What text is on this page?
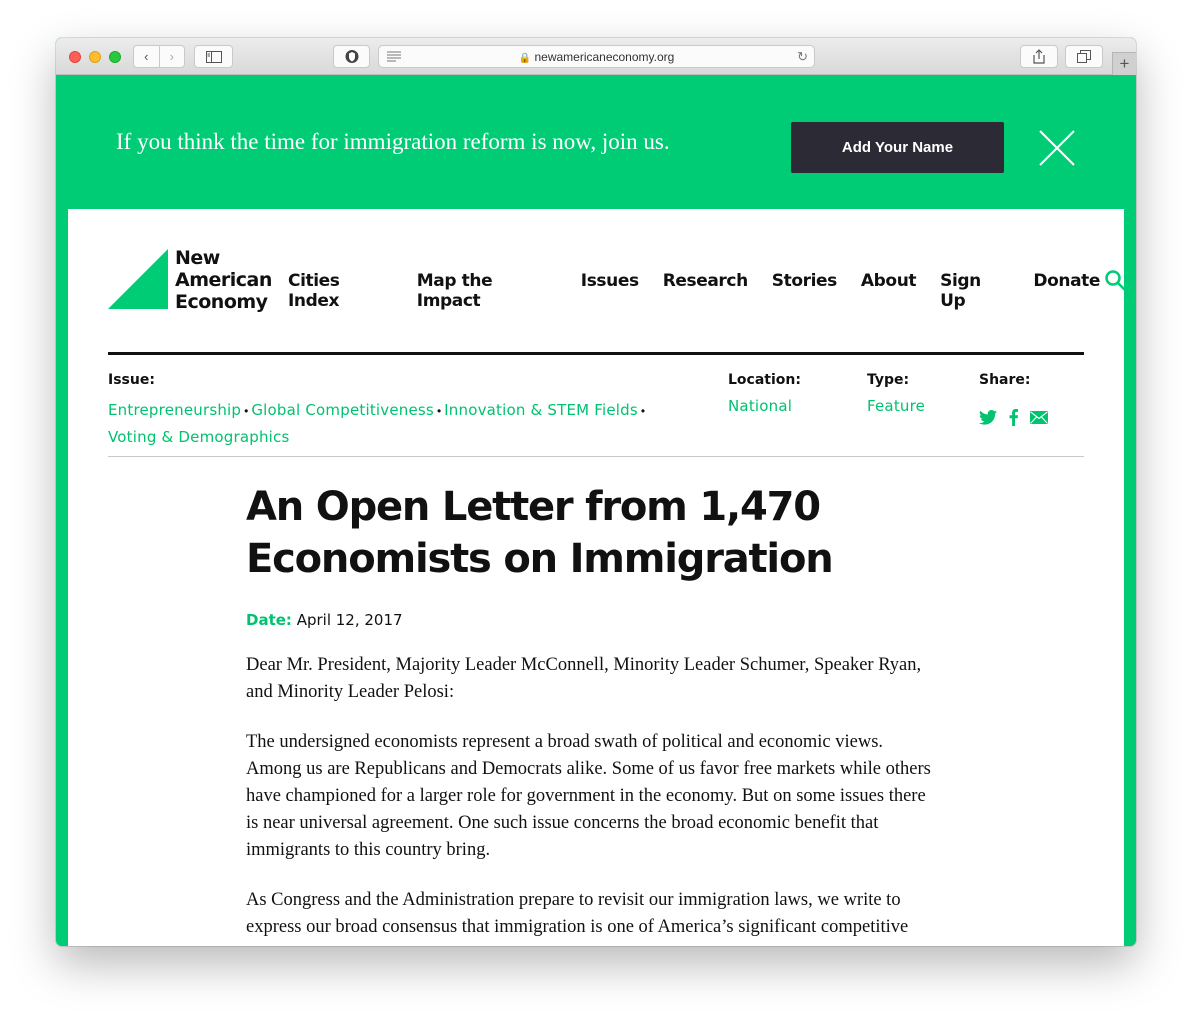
‹	›	🔒 newamericaneconomy.org	↻	+
If you think the time for immigration reform is now, join us.	Add Your Name
New
American
Economy
Cities Index
Map the Impact
Issues Research Stories About Sign Up
Donate
Issue:
Entrepreneurship • Global Competitiveness • Innovation & STEM Fields •
Voting & Demographics
Location:
National
Type:
Feature
Share:
An Open Letter from 1,470
Economists on Immigration
Date: April 12, 2017

Dear Mr. President, Majority Leader McConnell, Minority Leader Schumer, Speaker Ryan, and Minority Leader Pelosi:

The undersigned economists represent a broad swath of political and economic views. Among us are Republicans and Democrats alike. Some of us favor free markets while others have championed for a larger role for government in the economy. But on some issues there is near universal agreement. One such issue concerns the broad economic benefit that immigrants to this country bring.

As Congress and the Administration prepare to revisit our immigration laws, we write to express our broad consensus that immigration is one of America’s significant competitive
